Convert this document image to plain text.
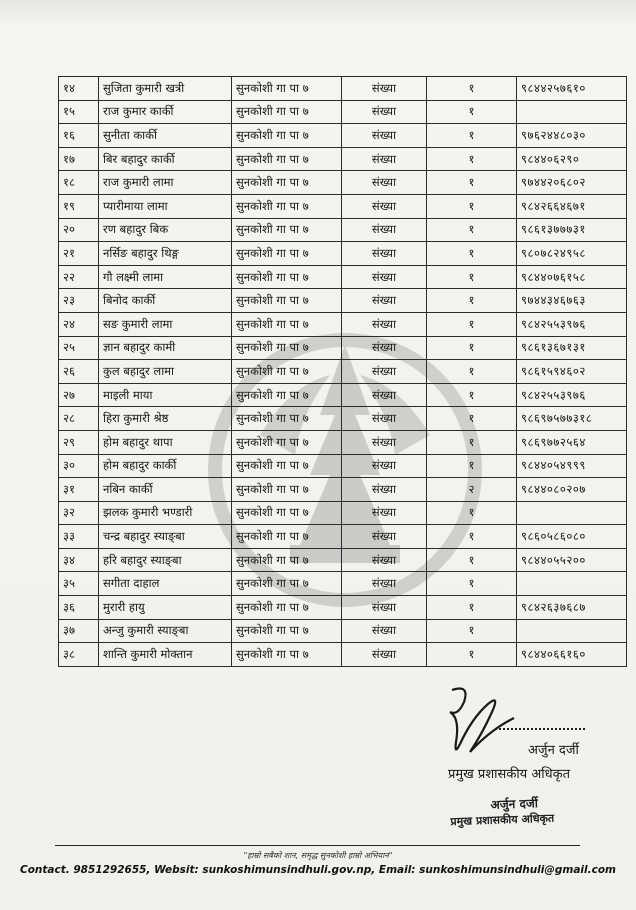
१४	सुजिता कुमारी खत्री	सुनकोशी गा पा ७	संख्या	१	९८४४२५७६१०
१५	राज कुमार कार्की	सुनकोशी गा पा ७	संख्या	१	
१६	सुनीता कार्की	सुनकोशी गा पा ७	संख्या	१	९७६२४४८०३०
१७	बिर बहादुर कार्की	सुनकोशी गा पा ७	संख्या	१	९८४४०६२९०
१८	राज कुमारी लामा	सुनकोशी गा पा ७	संख्या	१	९७४४२०६८०२
१९	प्यारीमाया लामा	सुनकोशी गा पा ७	संख्या	१	९८४२६६४६७१
२०	रण बहादुर बिक	सुनकोशी गा पा ७	संख्या	१	९८६१३७७७३१
२१	नर्सिङ बहादुर थिङ्ग	सुनकोशी गा पा ७	संख्या	१	९८०७८२४९५८
२२	गौ लक्ष्मी लामा	सुनकोशी गा पा ७	संख्या	१	९८४४०७६१५८
२३	बिनोद कार्की	सुनकोशी गा पा ७	संख्या	१	९७४४३४६७६३
२४	सङ कुमारी लामा	सुनकोशी गा पा ७	संख्या	१	९८४२५५३९७६
२५	ज्ञान बहादुर कामी	सुनकोशी गा पा ७	संख्या	१	९८६१३६७१३१
२६	कुल बहादुर लामा	सुनकोशी गा पा ७	संख्या	१	९८६१५९४६०२
२७	माइली माया	सुनकोशी गा पा ७	संख्या	१	९८४२५५३९७६
२८	हिरा कुमारी श्रेष्ठ	सुनकोशी गा पा ७	संख्या	१	९८६९७५७७३१८
२९	होम बहादुर थापा	सुनकोशी गा पा ७	संख्या	१	९८६९७७२५६४
३०	होम बहादुर कार्की	सुनकोशी गा पा ७	संख्या	१	९८४४०५४९९९
३१	नबिन कार्की	सुनकोशी गा पा ७	संख्या	२	९८४४०८०२०७
३२	झलक कुमारी भण्डारी	सुनकोशी गा पा ७	संख्या	१	
३३	चन्द्र बहादुर स्याङ्बा	सुनकोशी गा पा ७	संख्या	१	९८६०५८६०८०
३४	हरि बहादुर स्याङ्बा	सुनकोशी गा पा ७	संख्या	१	९८४४०५५२००
३५	सगीता दाहाल	सुनकोशी गा पा ७	संख्या	१	
३६	मुरारी हायु	सुनकोशी गा पा ७	संख्या	१	९८४२६३७६८७
३७	अन्जु कुमारी स्याङ्बा	सुनकोशी गा पा ७	संख्या	१	
३८	शान्ति कुमारी मोक्तान	सुनकोशी गा पा ७	संख्या	१	९८४४०६६१६०
अर्जुन दर्जी
प्रमुख प्रशासकीय अधिकृत
अर्जुन दर्जी
प्रमुख प्रशासकीय अधिकृत
"हाम्रो सबैको शान, समृद्ध सुनकोशी हाम्रो अभियान"
Contact. 9851292655, Websit: sunkoshimunsindhuli.gov.np, Email: sunkoshimunsindhuli@gmail.com
